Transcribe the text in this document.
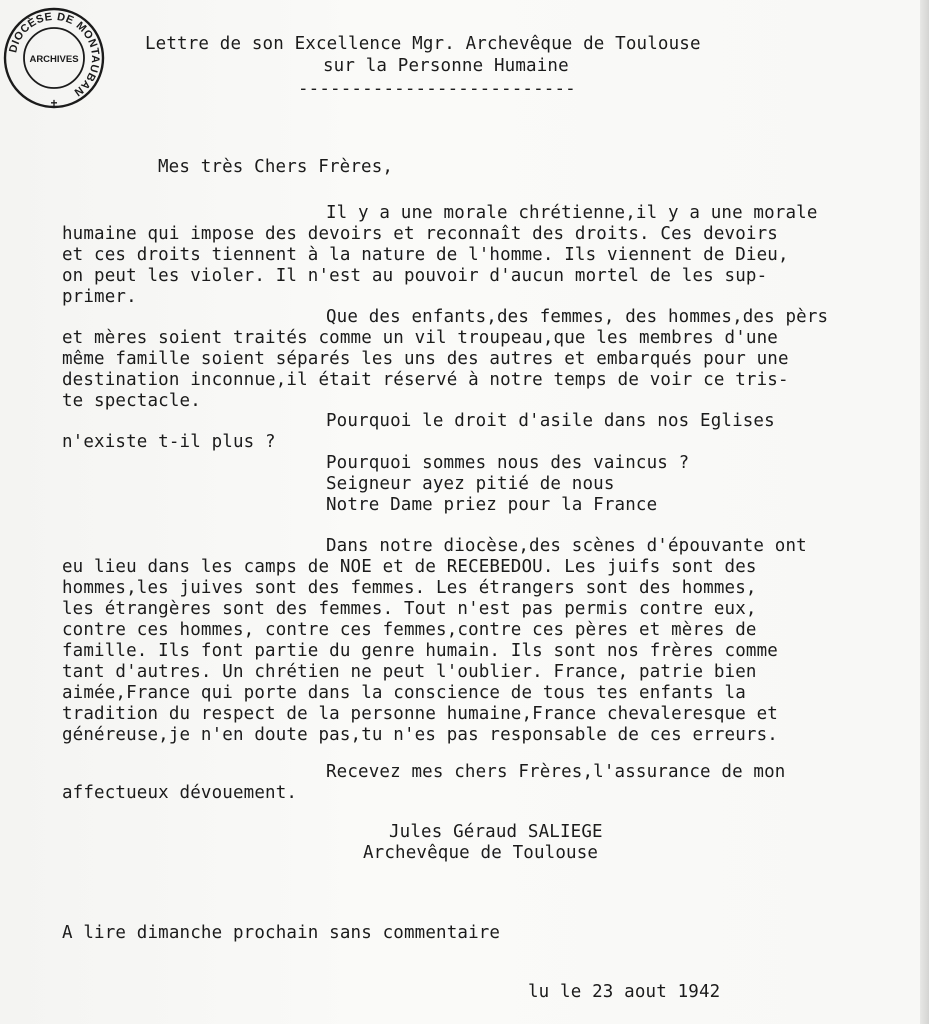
DIOCÈSE DE MONTAUBAN
ARCHIVES
+
Lettre de son Excellence Mgr. Archevêque de Toulouse
sur la Personne Humaine
--------------------------
Mes très Chers Frères,
Il y a une morale chrétienne,il y a une morale
humaine qui impose des devoirs et reconnaît des droits. Ces devoirs
et ces droits tiennent à la nature de l'homme. Ils viennent de Dieu,
on peut les violer. Il n'est au pouvoir d'aucun mortel de les sup-
primer.
Que des enfants,des femmes, des hommes,des pèrs
et mères soient traités comme un vil troupeau,que les membres d'une
même famille soient séparés les uns des autres et embarqués pour une
destination inconnue,il était réservé à notre temps de voir ce tris-
te spectacle.
Pourquoi le droit d'asile dans nos Eglises
n'existe t-il plus ?
Pourquoi sommes nous des vaincus ?
Seigneur ayez pitié de nous
Notre Dame priez pour la France
Dans notre diocèse,des scènes d'épouvante ont
eu lieu dans les camps de NOE et de RECEBEDOU. Les juifs sont des
hommes,les juives sont des femmes. Les étrangers sont des hommes,
les étrangères sont des femmes. Tout n'est pas permis contre eux,
contre ces hommes, contre ces femmes,contre ces pères et mères de
famille. Ils font partie du genre humain. Ils sont nos frères comme
tant d'autres. Un chrétien ne peut l'oublier. France, patrie bien
aimée,France qui porte dans la conscience de tous tes enfants la
tradition du respect de la personne humaine,France chevaleresque et
généreuse,je n'en doute pas,tu n'es pas responsable de ces erreurs.
Recevez mes chers Frères,l'assurance de mon
affectueux dévouement.
Jules Géraud SALIEGE
Archevêque de Toulouse
A lire dimanche prochain sans commentaire
lu le 23 aout 1942
